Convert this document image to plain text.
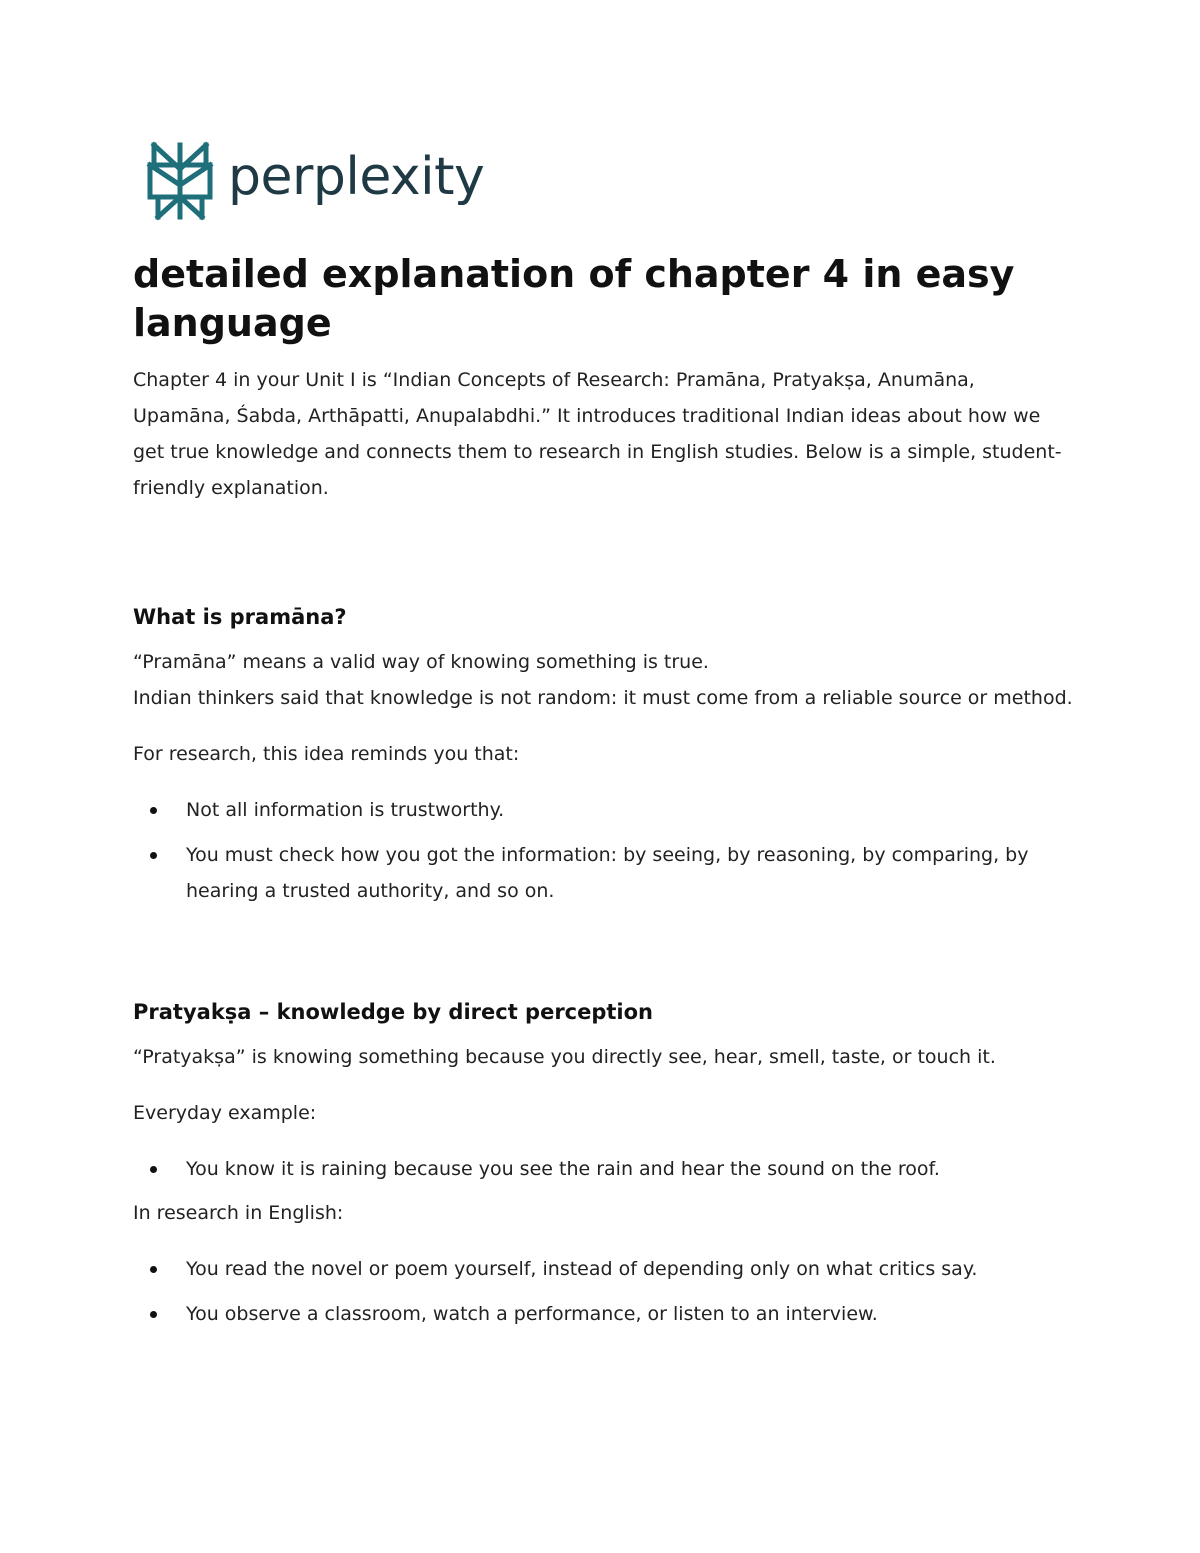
perplexity
detailed explanation of chapter 4 in easy language

Chapter 4 in your Unit I is “Indian Concepts of Research: Pramāna, Pratyakṣa, Anumāna, Upamāna, Śabda, Arthāpatti, Anupalabdhi.” It introduces traditional Indian ideas about how we get true knowledge and connects them to research in English studies. Below is a simple, student-friendly explanation.

What is pramāna?

“Pramāna” means a valid way of knowing something is true.

Indian thinkers said that knowledge is not random: it must come from a reliable source or method.

For research, this idea reminds you that:

Not all information is trustworthy.
You must check how you got the information: by seeing, by reasoning, by comparing, by hearing a trusted authority, and so on.
Pratyakṣa – knowledge by direct perception

“Pratyakṣa” is knowing something because you directly see, hear, smell, taste, or touch it.

Everyday example:

You know it is raining because you see the rain and hear the sound on the roof.

In research in English:

You read the novel or poem yourself, instead of depending only on what critics say.
You observe a classroom, watch a performance, or listen to an interview.
